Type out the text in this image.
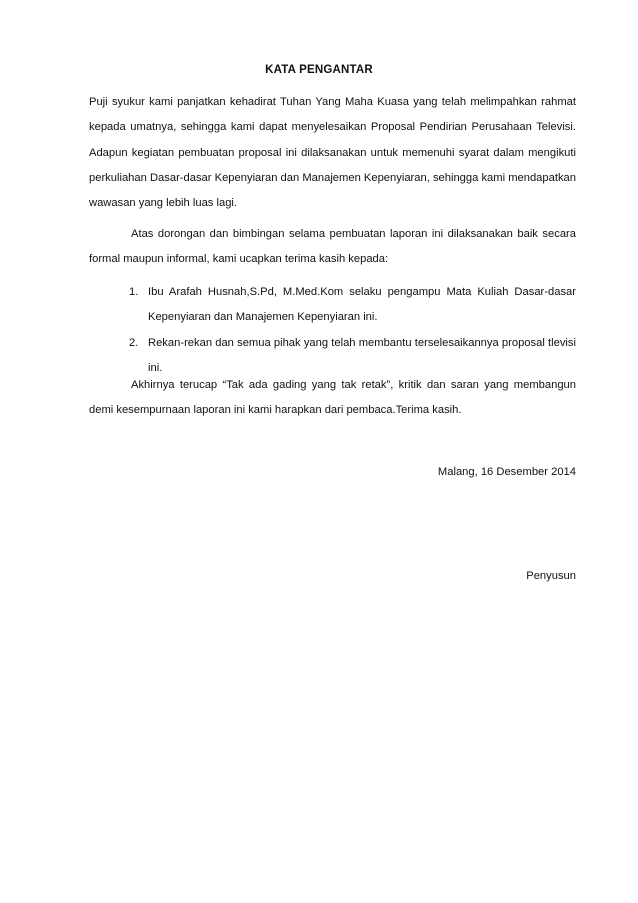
KATA PENGANTAR
Puji syukur kami panjatkan kehadirat Tuhan Yang Maha Kuasa yang telah melimpahkan rahmat kepada umatnya, sehingga kami dapat menyelesaikan Proposal Pendirian Perusahaan Televisi. Adapun kegiatan pembuatan proposal ini dilaksanakan untuk memenuhi syarat dalam mengikuti perkuliahan Dasar-dasar Kepenyiaran dan Manajemen Kepenyiaran, sehingga kami mendapatkan wawasan yang lebih luas lagi.
Atas dorongan dan bimbingan selama pembuatan laporan ini dilaksanakan baik secara formal maupun informal, kami ucapkan terima kasih kepada:
1. Ibu Arafah Husnah,S.Pd, M.Med.Kom selaku pengampu Mata Kuliah Dasar-dasar Kepenyiaran dan Manajemen Kepenyiaran ini.
2. Rekan-rekan dan semua pihak yang telah membantu terselesaikannya proposal tlevisi ini.
Akhirnya terucap “Tak ada gading yang tak retak”, kritik dan saran yang membangun demi kesempurnaan laporan ini kami harapkan dari pembaca.Terima kasih.
Malang, 16 Desember 2014
Penyusun
